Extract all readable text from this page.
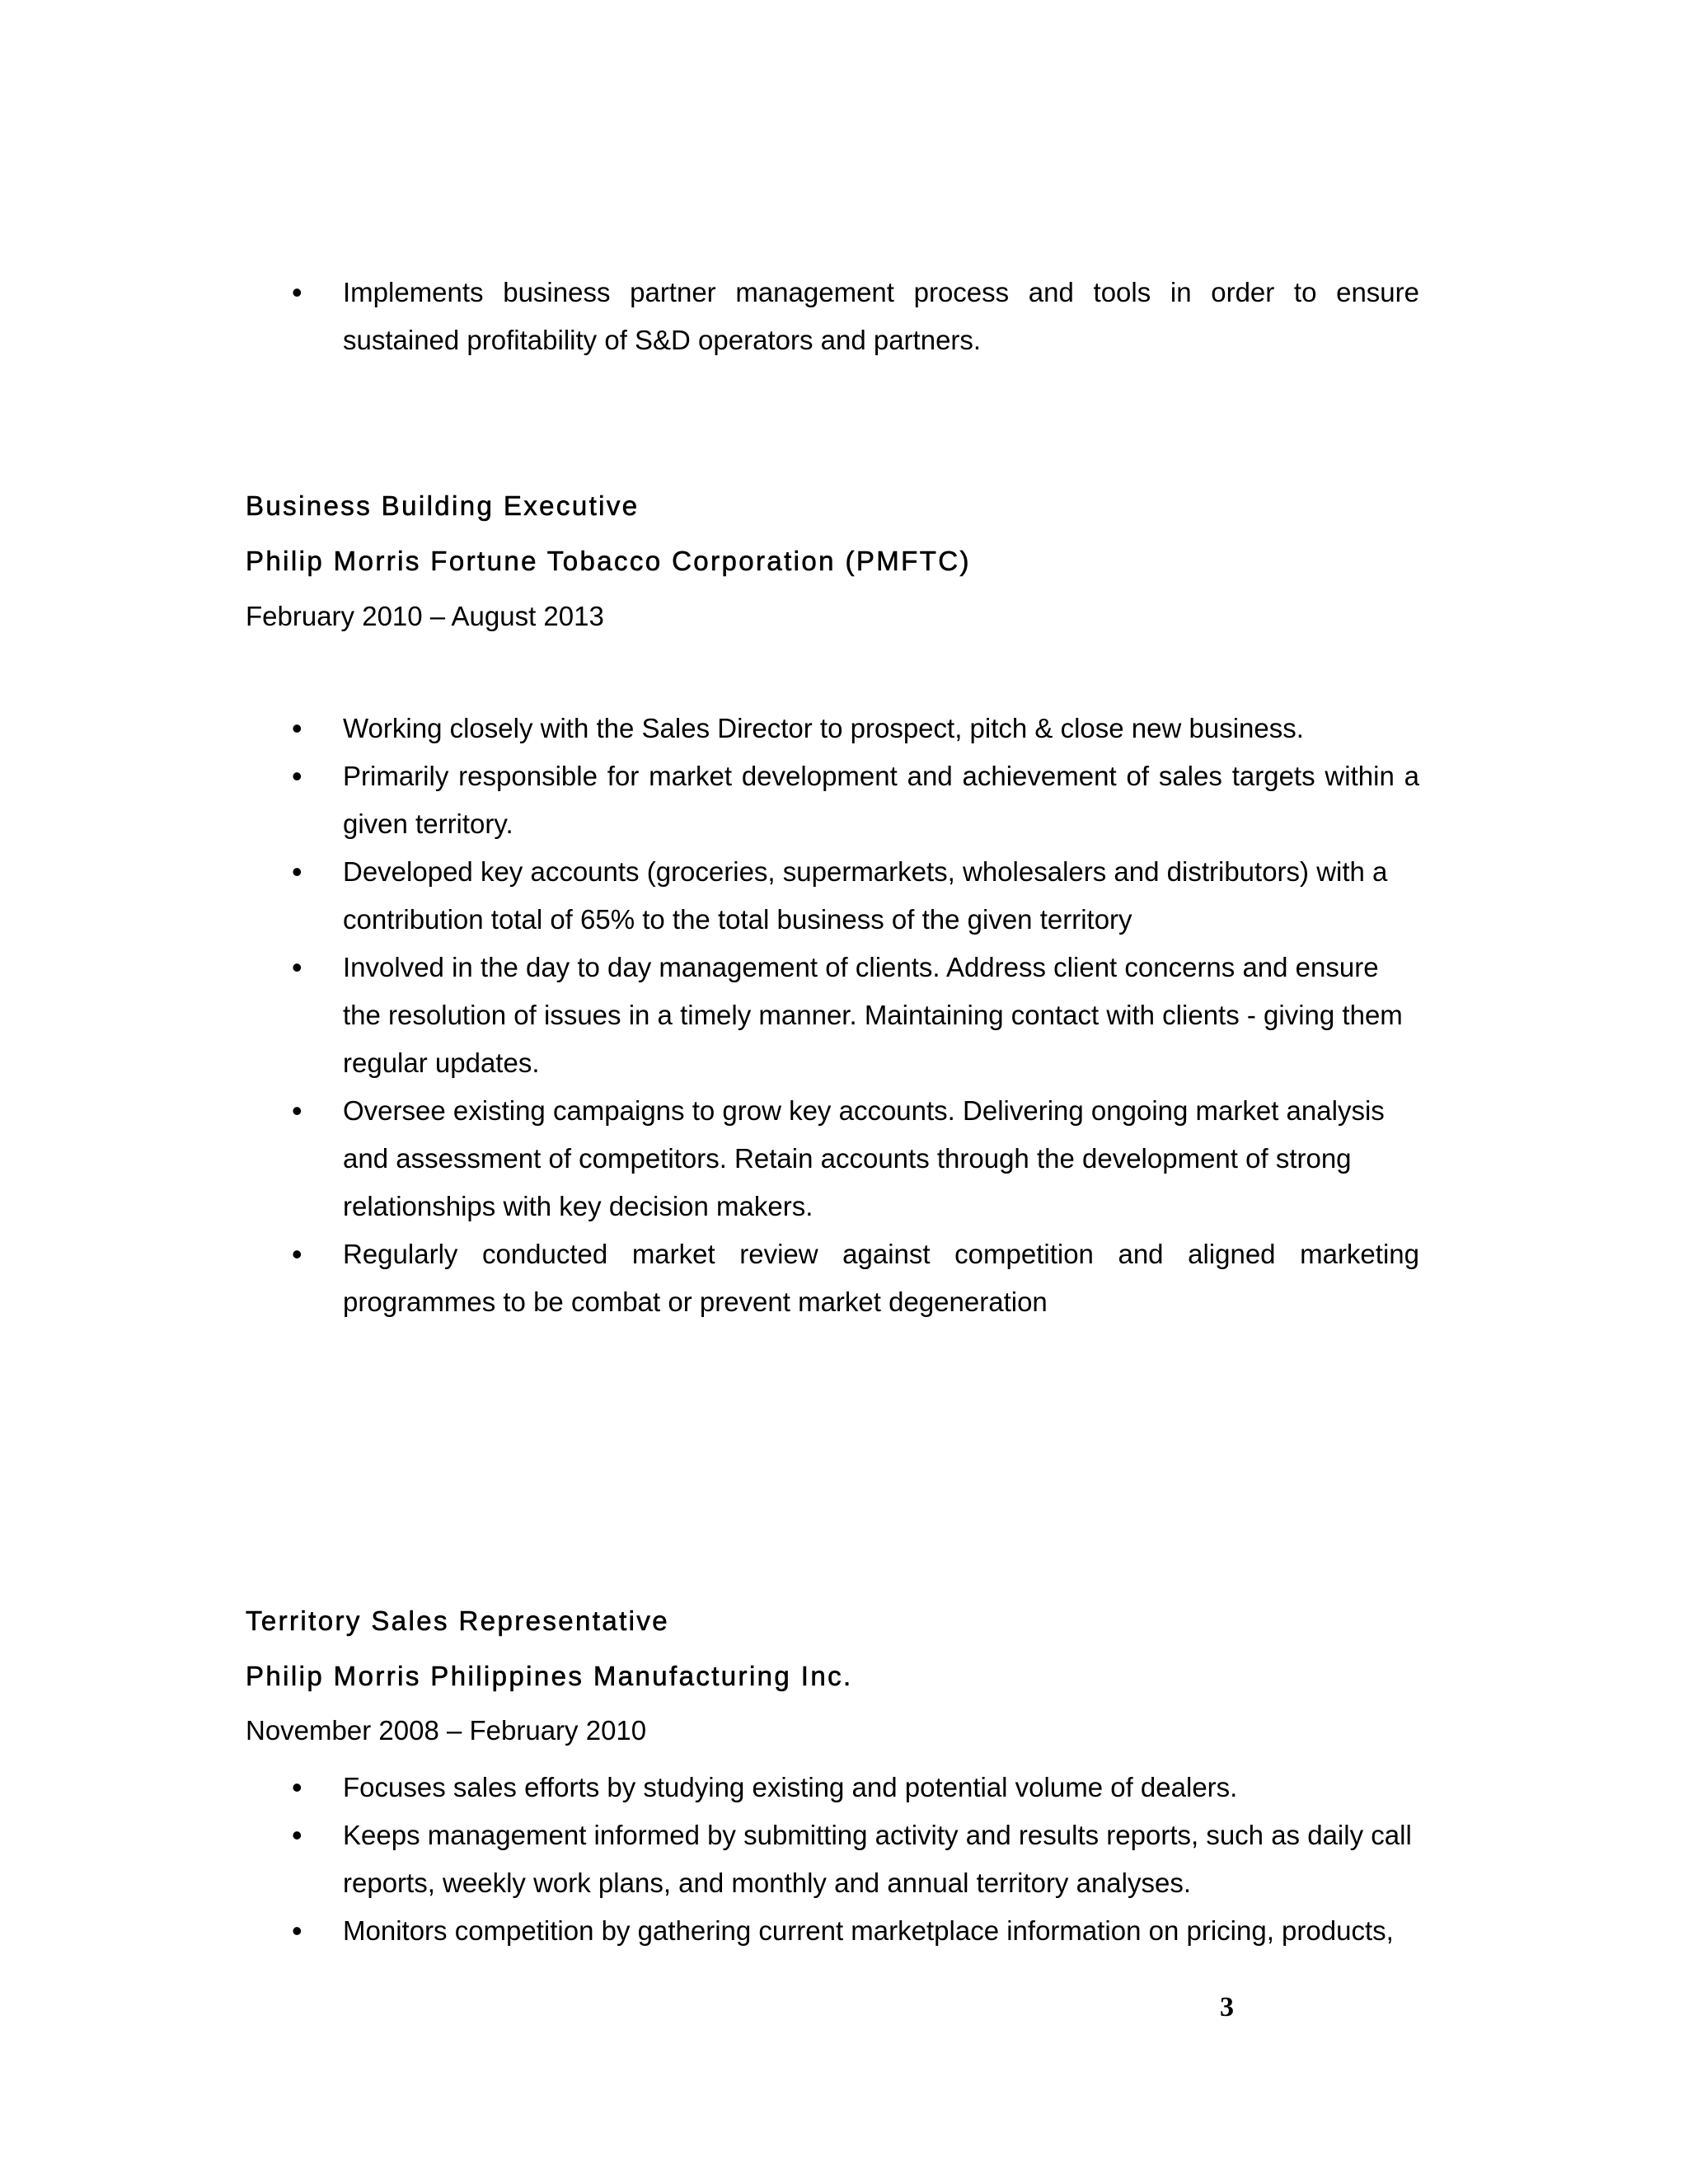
• Implements business partner management process and tools in order to ensure sustained profitability of S&D operators and partners.

Business Building Executive

Philip Morris Fortune Tobacco Corporation (PMFTC)

February 2010 – August 2013

• Working closely with the Sales Director to prospect, pitch & close new business.
• Primarily responsible for market development and achievement of sales targets within a given territory.
• Developed key accounts (groceries, supermarkets, wholesalers and distributors) with a contribution total of 65% to the total business of the given territory
• Involved in the day to day management of clients. Address client concerns and ensure the resolution of issues in a timely manner. Maintaining contact with clients - giving them regular updates.
• Oversee existing campaigns to grow key accounts. Delivering ongoing market analysis and assessment of competitors. Retain accounts through the development of strong relationships with key decision makers.
• Regularly conducted market review against competition and aligned marketing programmes to be combat or prevent market degeneration

Territory Sales Representative

Philip Morris Philippines Manufacturing Inc.

November 2008 – February 2010

• Focuses sales efforts by studying existing and potential volume of dealers.
• Keeps management informed by submitting activity and results reports, such as daily call reports, weekly work plans, and monthly and annual territory analyses.
• Monitors competition by gathering current marketplace information on pricing, products,
3
